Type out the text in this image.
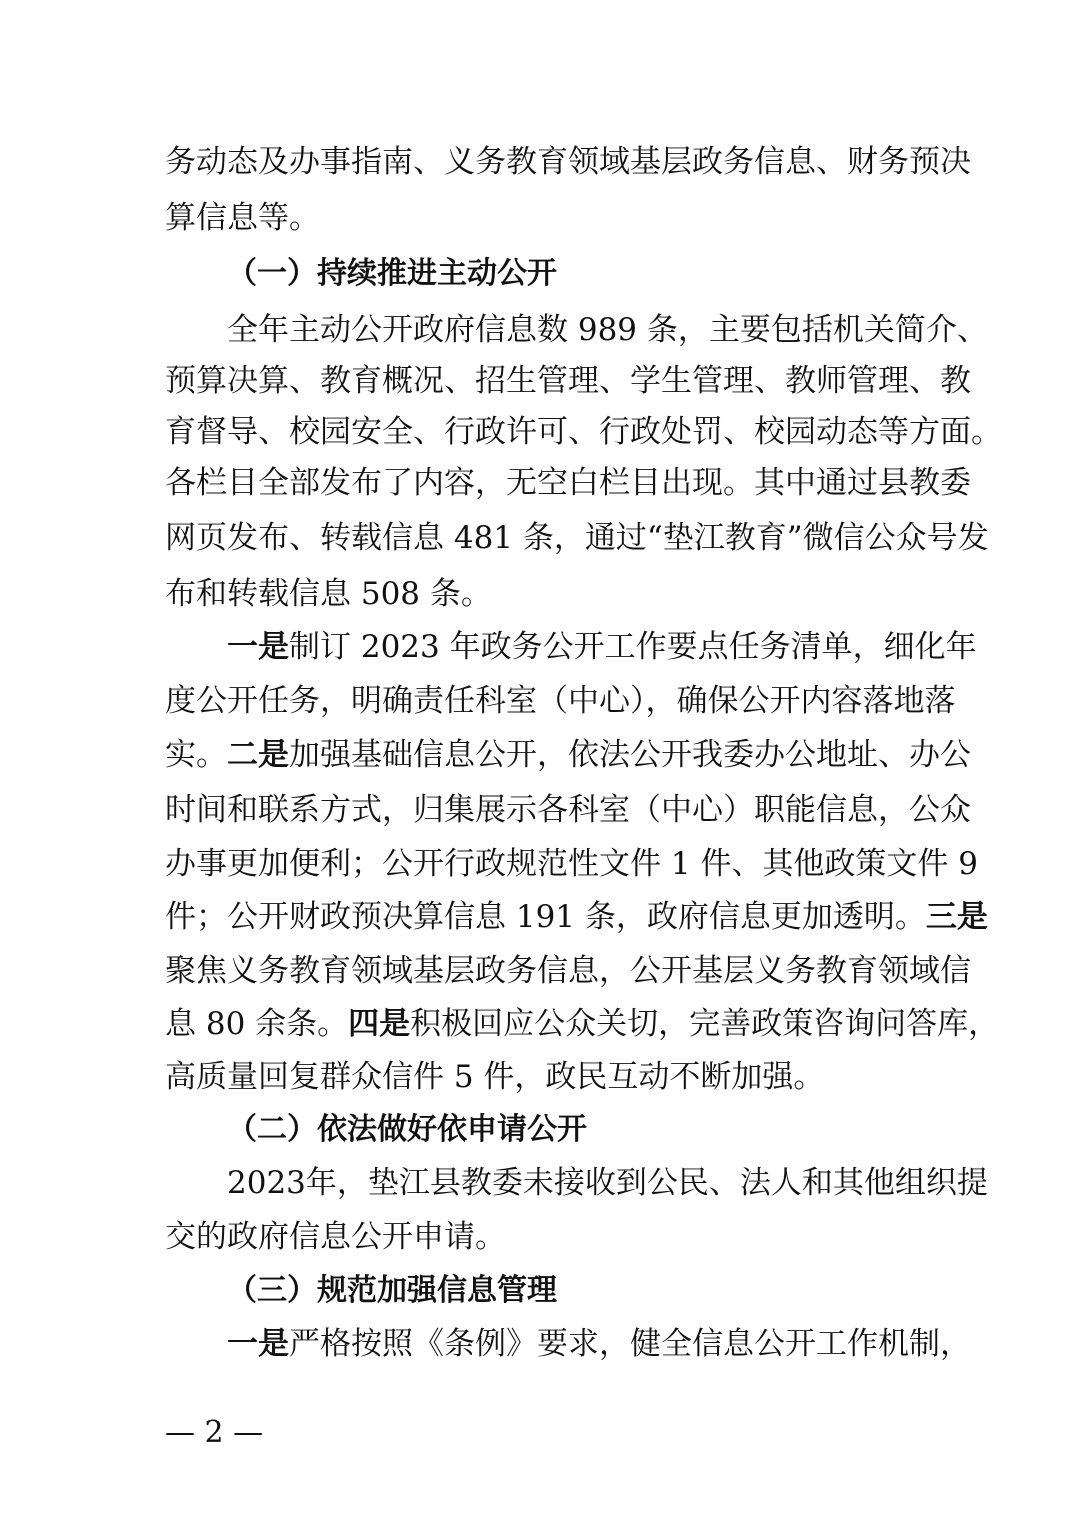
务动态及办事指南、义务教育领域基层政务信息、财务预决
算信息等。
（一）持续推进主动公开
全年主动公开政府信息数 989 条，主要包括机关简介、
预算决算、教育概况、招生管理、学生管理、教师管理、教
育督导、校园安全、行政许可、行政处罚、校园动态等方面。
各栏目全部发布了内容，无空白栏目出现。其中通过县教委
网页发布、转载信息 481 条，通过“垫江教育”微信公众号发
布和转载信息 508 条。
一是制订 2023 年政务公开工作要点任务清单，细化年
度公开任务，明确责任科室（中心），确保公开内容落地落
实。二是加强基础信息公开，依法公开我委办公地址、办公
时间和联系方式，归集展示各科室（中心）职能信息，公众
办事更加便利；公开行政规范性文件 1 件、其他政策文件 9
件；公开财政预决算信息 191 条，政府信息更加透明。三是
聚焦义务教育领域基层政务信息，公开基层义务教育领域信
息 80 余条。四是积极回应公众关切，完善政策咨询问答库，
高质量回复群众信件 5 件，政民互动不断加强。
（二）依法做好依申请公开
2023年，垫江县教委未接收到公民、法人和其他组织提
交的政府信息公开申请。
（三）规范加强信息管理
一是严格按照《条例》要求，健全信息公开工作机制，
— 2 —
